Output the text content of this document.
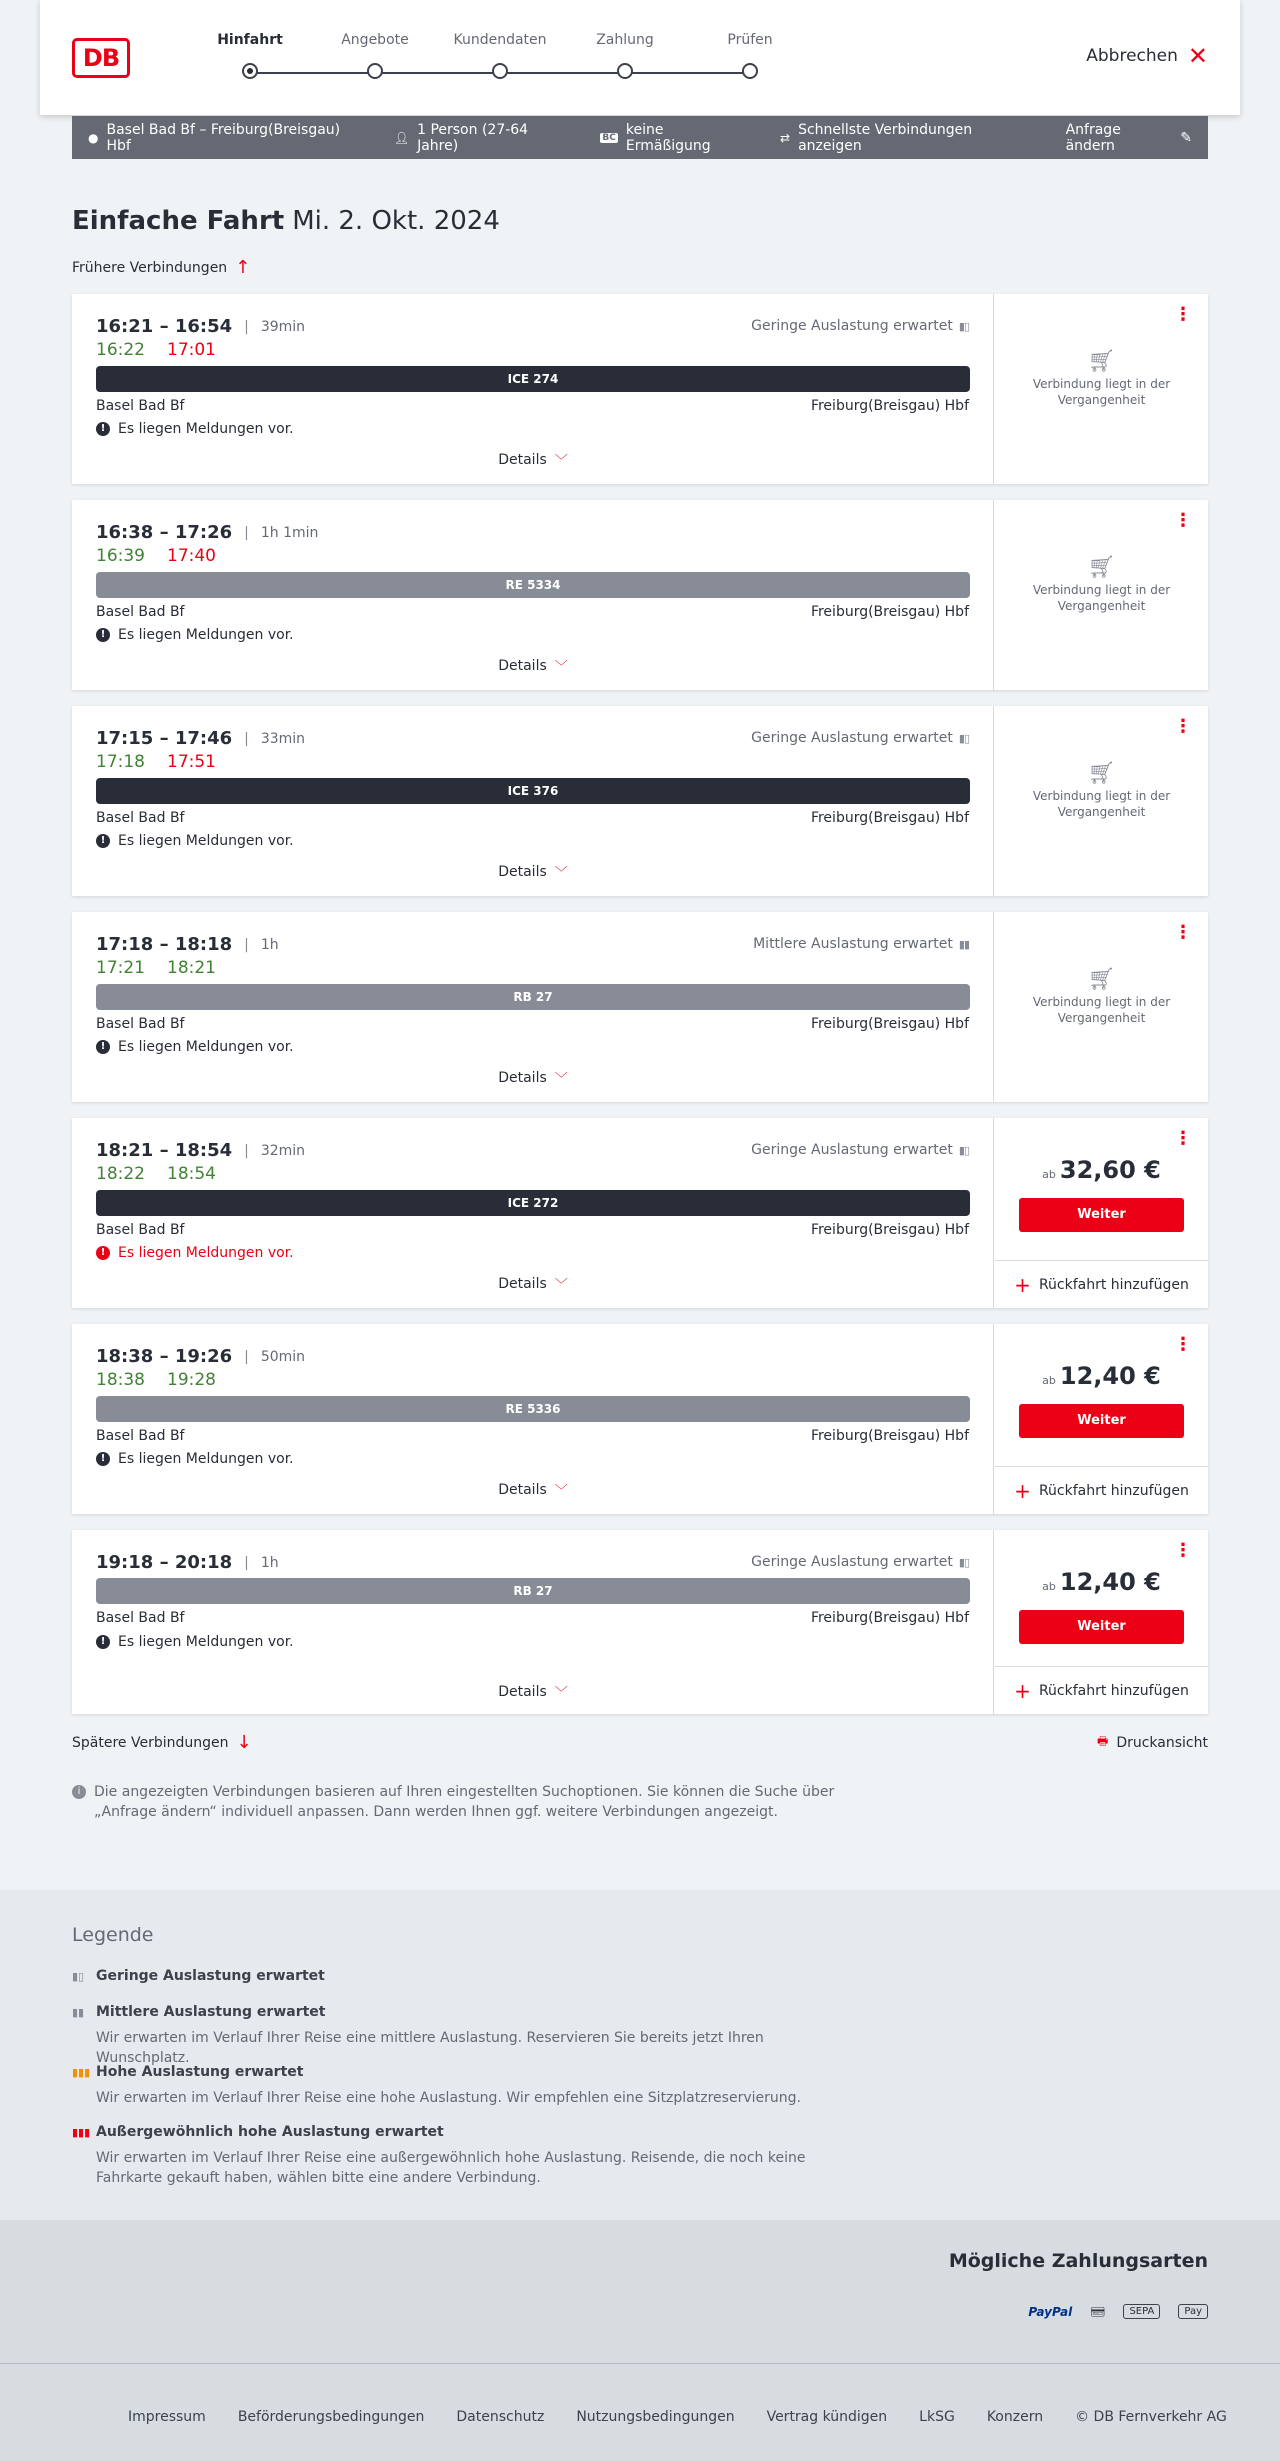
DB
Hinfahrt	Angebote	Kundendaten	Zahlung	Prüfen
Abbrechen ✕
● Basel Bad Bf – Freiburg(Breisgau) Hbf	👤︎ 1 Person (27-64 Jahre)	BC keine Ermäßigung	⇄ Schnellste Verbindungen anzeigen
Anfrage ändern	✎
Einfache Fahrt Mi. 2. Okt. 2024
Frühere Verbindungen ↑
16:21 – 16:54 | 39min
16:22 17:01
Geringe Auslastung erwartet ▮▯
ICE 274
Basel Bad Bf	Freiburg(Breisgau) Hbf
! Es liegen Meldungen vor.
Details ﹀
⋮
🛒︎
Verbindung liegt in der Vergangenheit
16:38 – 17:26 | 1h 1min
16:39 17:40
RE 5334
Basel Bad Bf	Freiburg(Breisgau) Hbf
! Es liegen Meldungen vor.
Details ﹀
⋮
🛒︎
Verbindung liegt in der Vergangenheit
17:15 – 17:46 | 33min
17:18 17:51
Geringe Auslastung erwartet ▮▯
ICE 376
Basel Bad Bf	Freiburg(Breisgau) Hbf
! Es liegen Meldungen vor.
Details ﹀
⋮
🛒︎
Verbindung liegt in der Vergangenheit
17:18 – 18:18 | 1h
17:21 18:21
Mittlere Auslastung erwartet ▮▮
RB 27
Basel Bad Bf	Freiburg(Breisgau) Hbf
! Es liegen Meldungen vor.
Details ﹀
⋮
🛒︎
Verbindung liegt in der Vergangenheit
18:21 – 18:54 | 32min
18:22 18:54
Geringe Auslastung erwartet ▮▯
ICE 272
Basel Bad Bf	Freiburg(Breisgau) Hbf
! Es liegen Meldungen vor.
Details ﹀
⋮
ab 32,60 €
Weiter
+ Rückfahrt hinzufügen
18:38 – 19:26 | 50min
18:38 19:28
RE 5336
Basel Bad Bf	Freiburg(Breisgau) Hbf
! Es liegen Meldungen vor.
Details ﹀
⋮
ab 12,40 €
Weiter
+ Rückfahrt hinzufügen
19:18 – 20:18 | 1h	Geringe Auslastung erwartet ▮▯
RB 27
Basel Bad Bf	Freiburg(Breisgau) Hbf
! Es liegen Meldungen vor.
Details ﹀
⋮
ab 12,40 €
Weiter
+ Rückfahrt hinzufügen
Spätere Verbindungen ↓	🖶 Druckansicht
i Die angezeigten Verbindungen basieren auf Ihren eingestellten Suchoptionen. Sie können die Suche über „Anfrage ändern“ individuell anpassen. Dann werden Ihnen ggf. weitere Verbindungen angezeigt.
Legende
▮▯ Geringe Auslastung erwartet
▮▮ Mittlere Auslastung erwartet
Wir erwarten im Verlauf Ihrer Reise eine mittlere Auslastung. Reservieren Sie bereits jetzt Ihren Wunschplatz.
▮▮▮ Hohe Auslastung erwartet
Wir erwarten im Verlauf Ihrer Reise eine hohe Auslastung. Wir empfehlen eine Sitzplatzreservierung.
▮▮▮ Außergewöhnlich hohe Auslastung erwartet
Wir erwarten im Verlauf Ihrer Reise eine außergewöhnlich hohe Auslastung. Reisende, die noch keine Fahrkarte gekauft haben, wählen bitte eine andere Verbindung.
Mögliche Zahlungsarten
PayPal 💳︎	SEPA	Pay
Impressum Beförderungsbedingungen Datenschutz Nutzungsbedingungen Vertrag kündigen LkSG Konzern © DB Fernverkehr AG
